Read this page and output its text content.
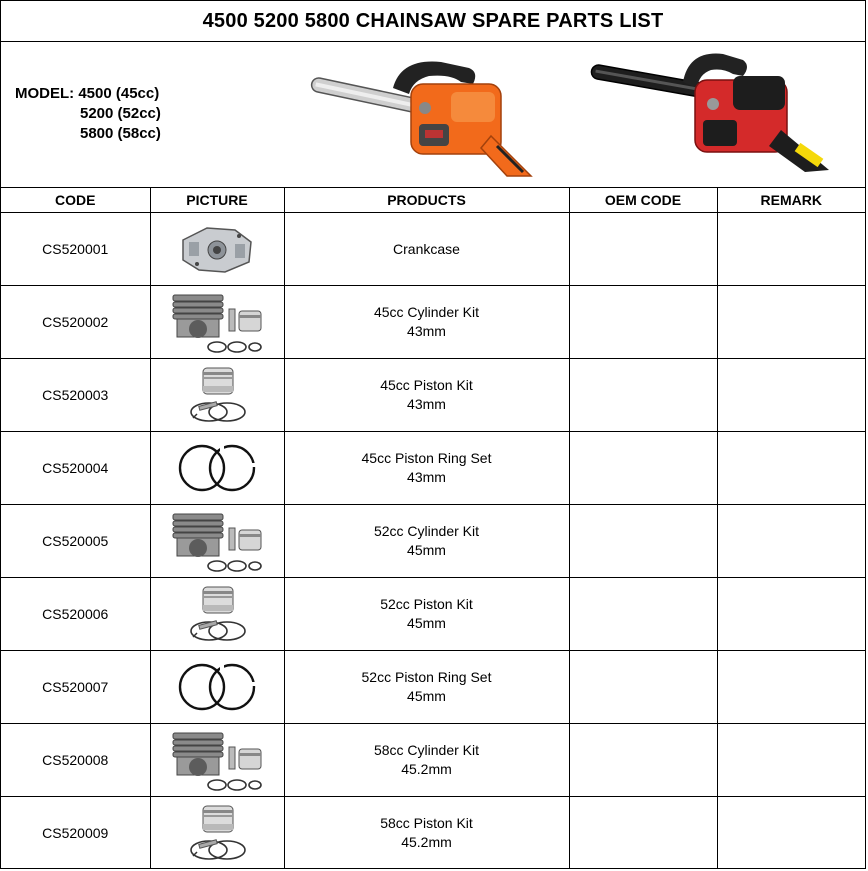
4500 5200 5800 CHAINSAW SPARE PARTS LIST
MODEL: 4500 (45cc)
5200 (52cc)
5800 (58cc)
CODE	PICTURE	PRODUCTS	OEM CODE	REMARK
CS520001		Crankcase		

CS520002		45cc Cylinder Kit
43mm		

CS520003		45cc Piston Kit
43mm		

CS520004		45cc Piston Ring Set
43mm		

CS520005		52cc Cylinder Kit
45mm		

CS520006		52cc Piston Kit
45mm		

CS520007		52cc Piston Ring Set
45mm		

CS520008		58cc Cylinder Kit
45.2mm		

CS520009		58cc Piston Kit
45.2mm		
